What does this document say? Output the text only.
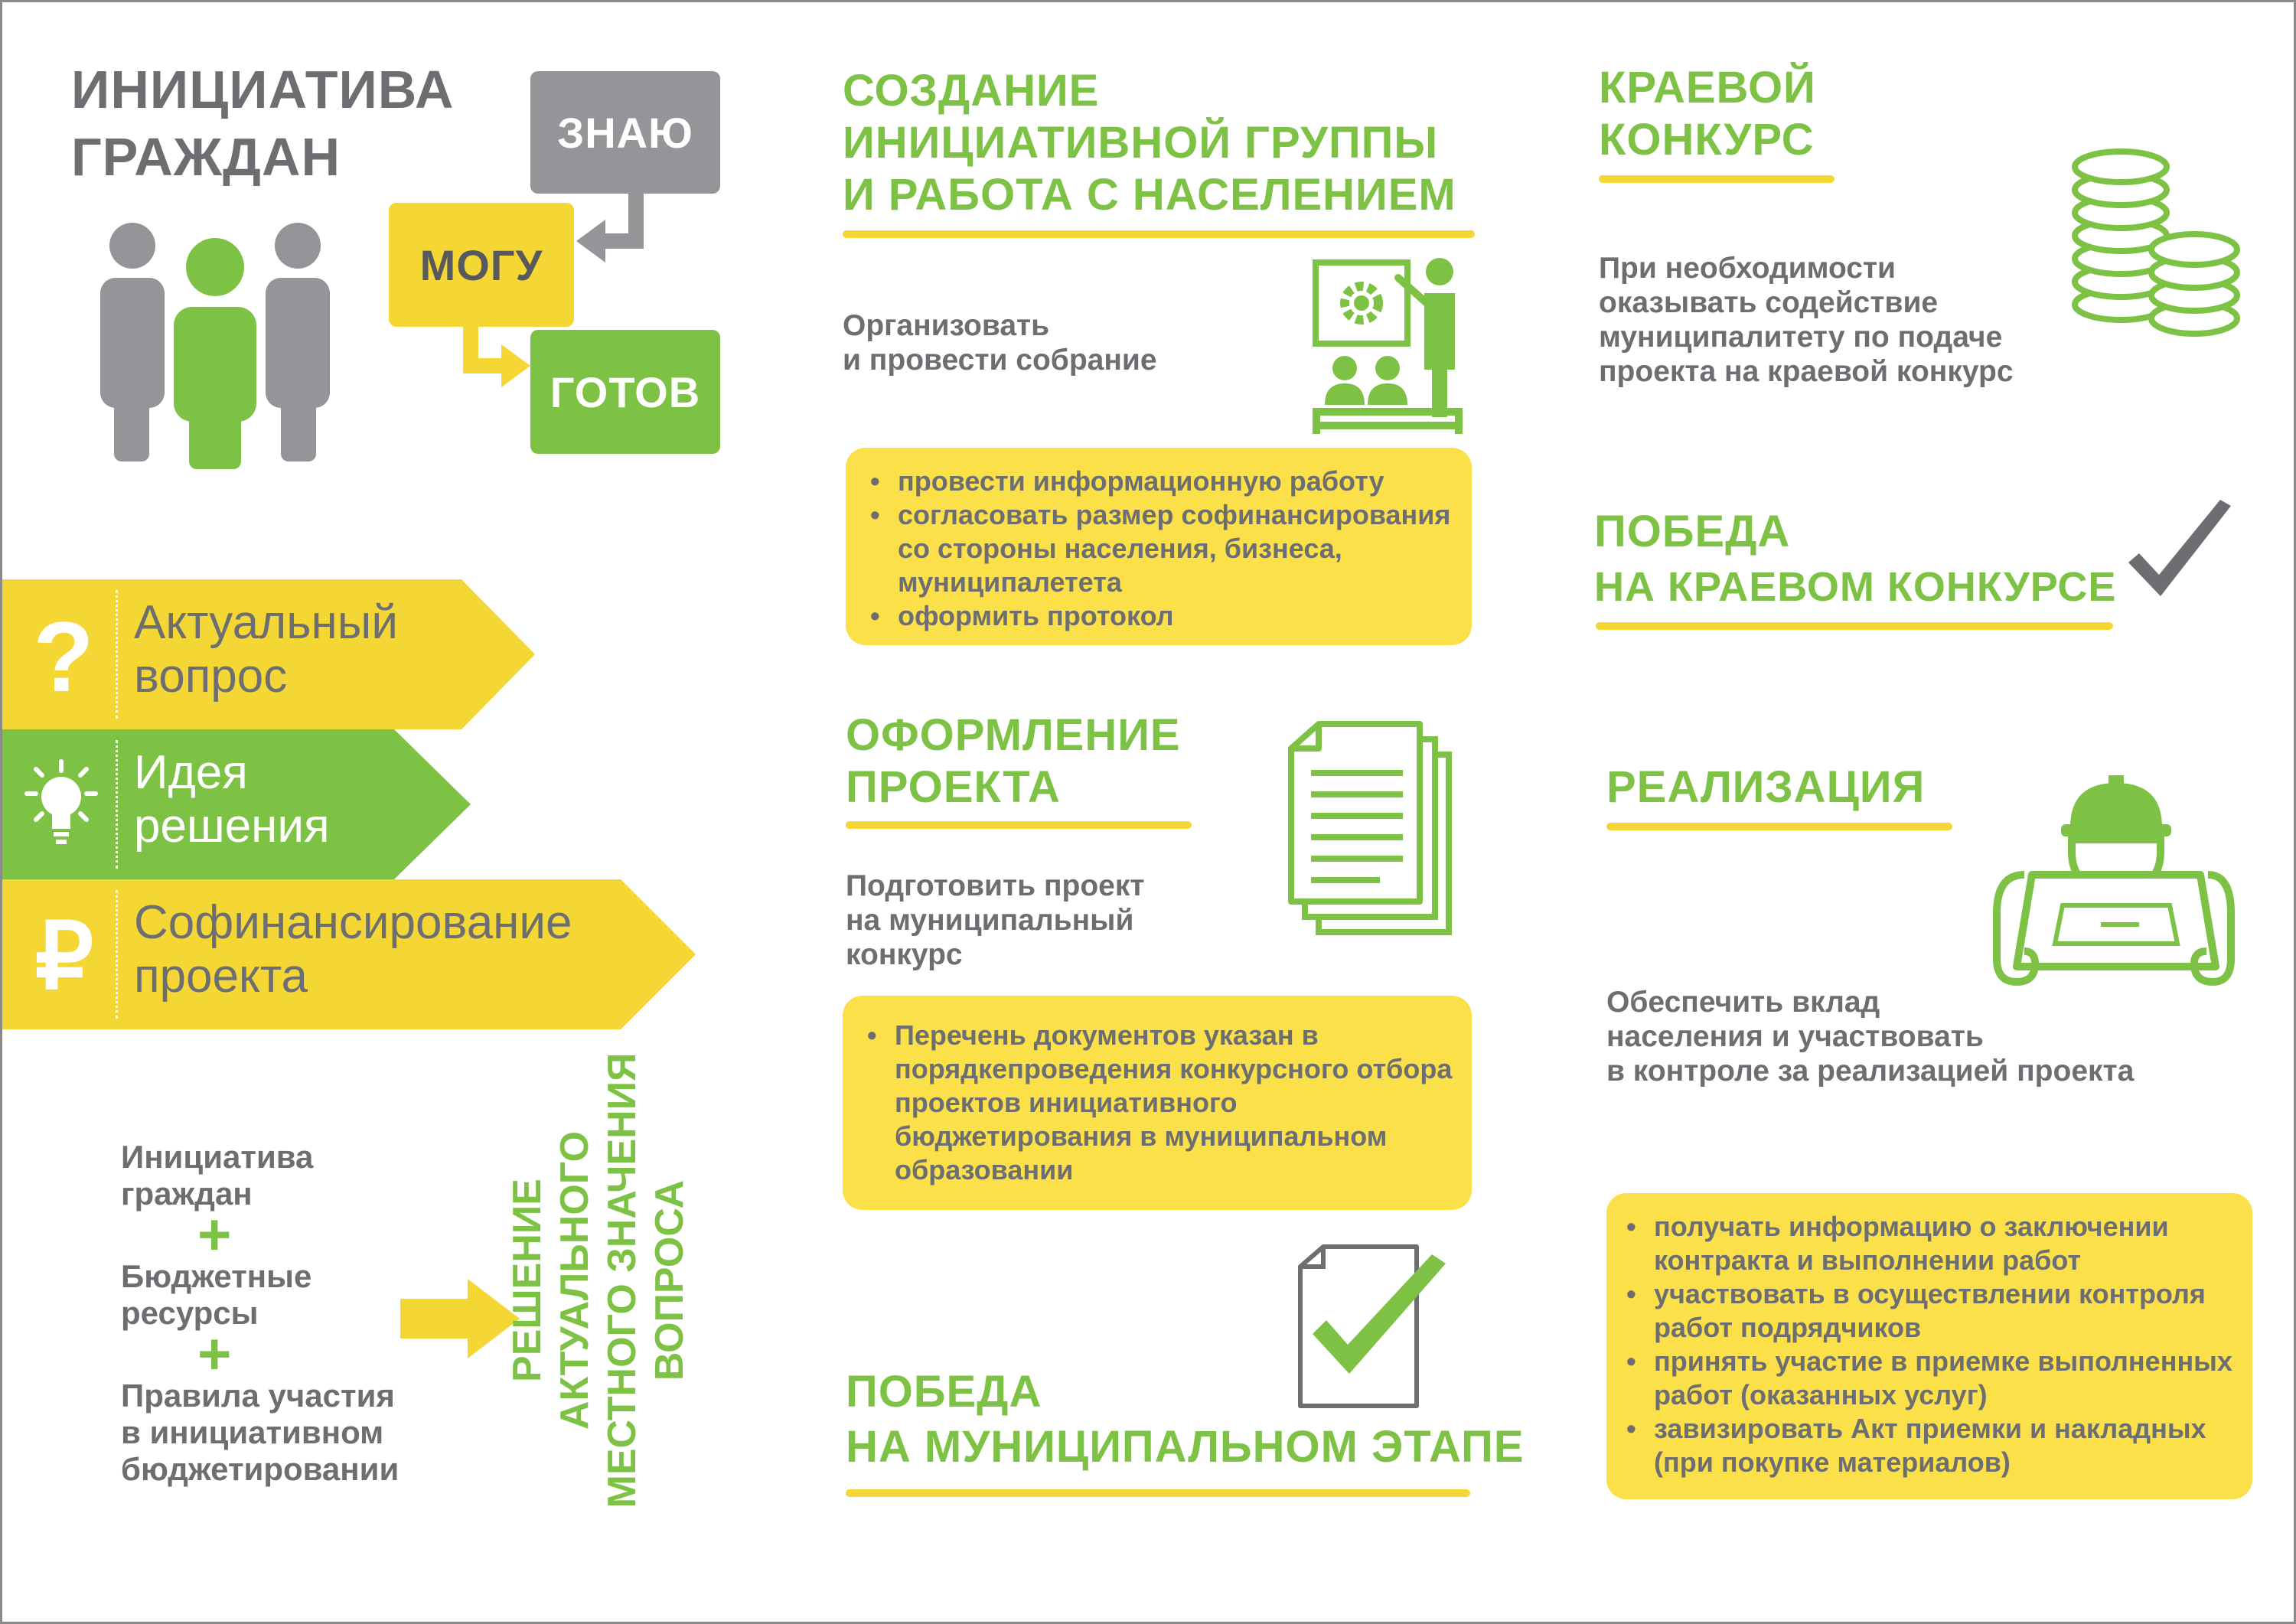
ИНИЦИАТИВА
ГРАЖДАН	ЗНАЮ
МОГУ
ГОТОВ
? Актуальный
вопрос
Идея
решения
₽ Софинансирование
проекта
Инициатива
граждан
+
Бюджетные
ресурсы
+
Правила участия
в инициативном
бюджетировании
РЕШЕНИЕ АКТУАЛЬНОГО МЕСТНОГО ЗНАЧЕНИЯ ВОПРОСА
СОЗДАНИЕ
ИНИЦИАТИВНОЙ ГРУППЫ
И РАБОТА С НАСЕЛЕНИЕМ
Организовать
и провести собрание
• провести информационную работу
• согласовать размер софинансирования со стороны населения, бизнеса, муниципалетета
• оформить протокол
ОФОРМЛЕНИЕ
ПРОЕКТА
Подготовить проект
на муниципальный
конкурс
• Перечень документов указан в порядкепроведения конкурсного отбора проектов инициативного бюджетирования в муниципальном образовании
ПОБЕДА
НА МУНИЦИПАЛЬНОМ ЭТАПЕ
КРАЕВОЙ
КОНКУРС
При необходимости
оказывать содействие
муниципалитету по подаче
проекта на краевой конкурс
ПОБЕДА
НА КРАЕВОМ КОНКУРСЕ
РЕАЛИЗАЦИЯ
Обеспечить вклад
населения и участвовать
в контроле за реализацией проекта
• получать информацию о заключении контракта и выполнении работ
• участвовать в осуществлении контроля работ подрядчиков
• принять участие в приемке выполненных работ (оказанных услуг)
• завизировать Акт приемки и накладных (при покупке материалов)
